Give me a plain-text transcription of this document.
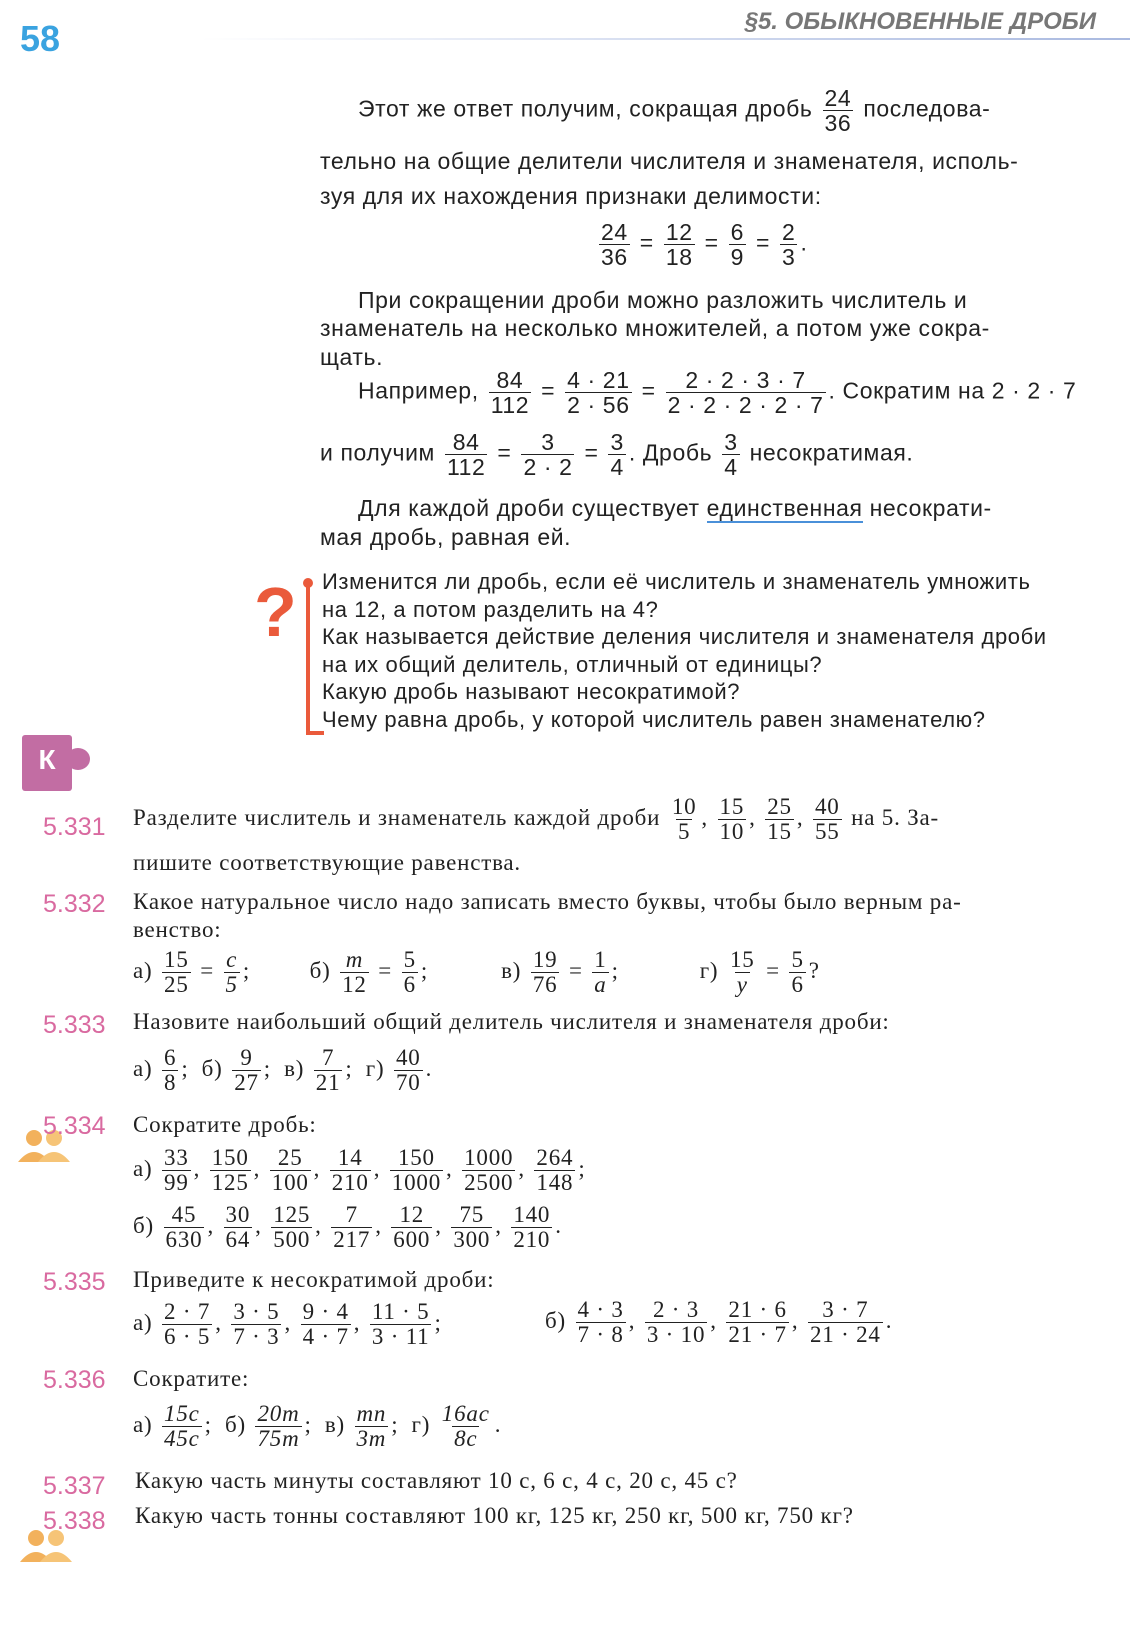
58	§5. ОБЫКНОВЕННЫЕ ДРОБИ
Этот же ответ получим, сокращая дробь $\frac{24}{36}$ последова-
тельно на общие делители числителя и знаменателя, исполь-
зуя для их нахождения признаки делимости:
$\frac{24}{36} = \frac{12}{18} = \frac{6}{9} = \frac{2}{3}$ .
При сокращении дроби можно разложить числитель и
знаменатель на несколько множителей, а потом уже сокра-
щать.
Например, $\frac{84}{112} = \frac{4 \cdot 21}{2 \cdot 56} = \frac{2 \cdot 2 \cdot 3 \cdot 7}{2 \cdot 2 \cdot 2 \cdot 2 \cdot 7}$ . Сократим на 2 · 2 · 7
и получим $\frac{84}{112} = \frac{3}{2 \cdot 2} = \frac{3}{4}$ . Дробь $\frac{3}{4}$ несократимая.
Для каждой дроби существует единственная несократи-
мая дробь, равная ей.
? Изменится ли дробь, если её числитель и знаменатель умножить
на 12, а потом разделить на 4?
Как называется действие деления числителя и знаменателя дроби
на их общий делитель, отличный от единицы?
Какую дробь называют несократимой?
Чему равна дробь, у которой числитель равен знаменателю?
К
5.331 Разделите числитель и знаменатель каждой дроби $\frac{10}{5}$ , $\frac{15}{10}$ , $\frac{25}{15}$ , $\frac{40}{55}$ на 5. За-
пишите соответствующие равенства.
5.332 Какое натуральное число надо записать вместо буквы, чтобы было верным ра-
венство:
$а) \frac{15}{25} = \frac{c}{5}$ ;	$б) \frac{m}{12} = \frac{5}{6}$ ;	$в) \frac{19}{76} = \frac{1}{a}$ ;	$г) \frac{15}{y} = \frac{5}{6}$ ?
5.333 Назовите наибольший общий делитель числителя и знаменателя дроби:
$а) \frac{6}{8}$ ; $б) \frac{9}{27}$ ; $в) \frac{7}{21}$ ; $г) \frac{40}{70}$ .
5.334 Сократите дробь:
$а) \frac{33}{99}$ , $\frac{150}{125}$ , $\frac{25}{100}$ , $\frac{14}{210}$ , $\frac{150}{1000}$ , $\frac{1000}{2500}$ , $\frac{264}{148}$ ;
$б) \frac{45}{630}$ , $\frac{30}{64}$ , $\frac{125}{500}$ , $\frac{7}{217}$ , $\frac{12}{600}$ , $\frac{75}{300}$ , $\frac{140}{210}$ .
5.335 Приведите к несократимой дроби:
$а) \frac{2 \cdot 7}{6 \cdot 5}$ , $\frac{3 \cdot 5}{7 \cdot 3}$ , $\frac{9 \cdot 4}{4 \cdot 7}$ , $\frac{11 \cdot 5}{3 \cdot 11}$ ;	$б) \frac{4 \cdot 3}{7 \cdot 8}$ , $\frac{2 \cdot 3}{3 \cdot 10}$ , $\frac{21 \cdot 6}{21 \cdot 7}$ , $\frac{3 \cdot 7}{21 \cdot 24}$ .
5.336 Сократите:
$а) \frac{15c}{45c}$ ; $б) \frac{20m}{75m}$ ; $в) \frac{mn}{3m}$ ; $г) \frac{16ac}{8c}$ .
5.337 Какую часть минуты составляют 10 с, 6 с, 4 с, 20 с, 45 с?
5.338 Какую часть тонны составляют 100 кг, 125 кг, 250 кг, 500 кг, 750 кг?
